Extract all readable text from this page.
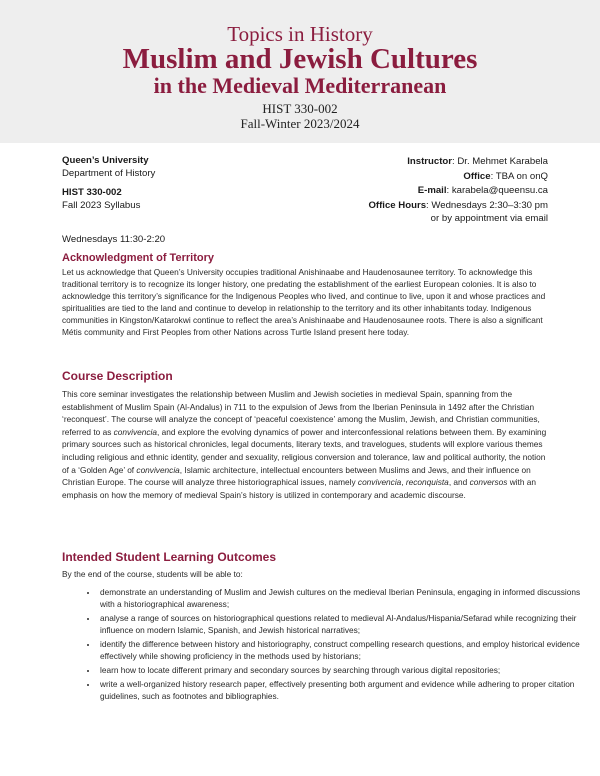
Topics in History
Muslim and Jewish Cultures
in the Medieval Mediterranean
HIST 330-002
Fall-Winter 2023/2024
Queen’s University
Department of History
HIST 330-002
Fall 2023 Syllabus
Instructor: Dr. Mehmet Karabela
Office: TBA on onQ
E-mail: karabela@queensu.ca
Office Hours: Wednesdays 2:30–3:30 pm
or by appointment via email
Wednesdays 11:30-2:20
Acknowledgment of Territory
Let us acknowledge that Queen’s University occupies traditional Anishinaabe and Haudenosaunee territory. To acknowledge this traditional territory is to recognize its longer history, one predating the establishment of the earliest European colonies. It is also to acknowledge this territory’s significance for the Indigenous Peoples who lived, and continue to live, upon it and whose practices and spiritualities are tied to the land and continue to develop in relationship to the territory and its other inhabitants today. Indigenous communities in Kingston/Katarokwi continue to reflect the area’s Anishinaabe and Haudenosaunee roots. There is also a significant Métis community and First Peoples from other Nations across Turtle Island present here today.
Course Description
This core seminar investigates the relationship between Muslim and Jewish societies in medieval Spain, spanning from the establishment of Muslim Spain (Al-Andalus) in 711 to the expulsion of Jews from the Iberian Peninsula in 1492 after the Christian ‘reconquest’. The course will analyze the concept of ‘peaceful coexistence’ among the Muslim, Jewish, and Christian communities, referred to as convivencia, and explore the evolving dynamics of power and interconfessional relations between them. By examining primary sources such as historical chronicles, legal documents, literary texts, and travelogues, students will explore various themes including religious and ethnic identity, gender and sexuality, religious conversion and tolerance, law and political authority, the notion of a ‘Golden Age’ of convivencia, Islamic architecture, intellectual encounters between Muslims and Jews, and their influence on Christian Europe. The course will analyze three historiographical issues, namely convivencia, reconquista, and conversos with an emphasis on how the memory of medieval Spain’s history is utilized in contemporary and academic discourse.
Intended Student Learning Outcomes
By the end of the course, students will be able to:
• demonstrate an understanding of Muslim and Jewish cultures on the medieval Iberian Peninsula, engaging in informed discussions with a historiographical awareness;
• analyse a range of sources on historiographical questions related to medieval Al-Andalus/Hispania/Sefarad while recognizing their influence on modern Islamic, Spanish, and Jewish historical narratives;
• identify the difference between history and historiography, construct compelling research questions, and employ historical evidence effectively while showing proficiency in the methods used by historians;
• learn how to locate different primary and secondary sources by searching through various digital repositories;
• write a well-organized history research paper, effectively presenting both argument and evidence while adhering to proper citation guidelines, such as footnotes and bibliographies.
